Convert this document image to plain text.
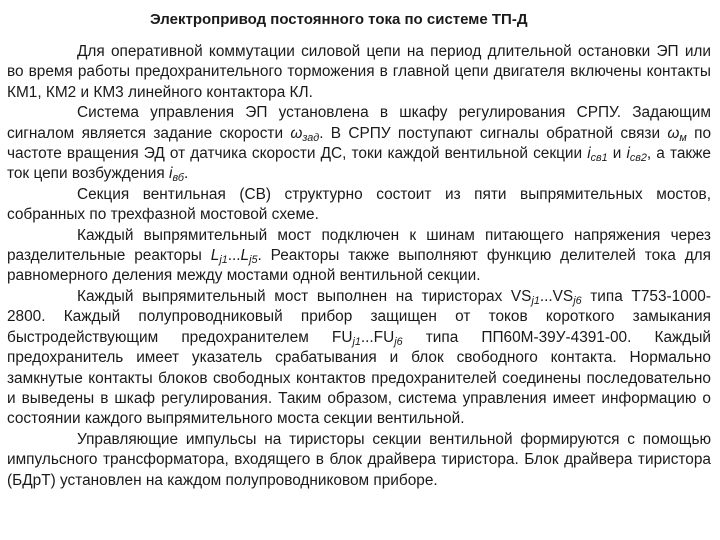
Электропривод постоянного тока по системе ТП-Д

Для оперативной коммутации силовой цепи на период длительной остановки ЭП или во время работы предохранительного торможения в главной цепи двигателя включены контакты КМ1, КМ2 и КМ3 линейного контактора КЛ.

Система управления ЭП установлена в шкафу регулирования СРПУ. Задающим сигналом является задание скорости $\omega_{зад}$. В СРПУ поступают сигналы обратной связи $\omega_м$ по частоте вращения ЭД от датчика скорости ДС, токи каждой вентильной секции $i_{св1}$ и $i_{св2}$, а также ток цепи возбуждения $i_{вб}$.

Секция вентильная (СВ) структурно состоит из пяти выпрямительных мостов, собранных по трехфазной мостовой схеме.

Каждый выпрямительный мост подключен к шинам питающего напряжения через разделительные реакторы $L_{j1}...L_{j5}$. Реакторы также выполняют функцию делителей тока для равномерного деления между мостами одной вентильной секции.

Каждый выпрямительный мост выполнен на тиристорах $VS_{j1}...VS_{j6}$ типа Т753-1000-2800. Каждый полупроводниковый прибор защищен от токов короткого замыкания быстродействующим предохранителем $FU_{j1}...FU_{j6}$ типа ПП60М-39У-4391-00. Каждый предохранитель имеет указатель срабатывания и блок свободного контакта. Нормально замкнутые контакты блоков свободных контактов предохранителей соединены последовательно и выведены в шкаф регулирования. Таким образом, система управления имеет информацию о состоянии каждого выпрямительного моста секции вентильной.

Управляющие импульсы на тиристоры секции вентильной формируются с помощью импульсного трансформатора, входящего в блок драйвера тиристора. Блок драйвера тиристора (БДрТ) установлен на каждом полупроводниковом приборе.
